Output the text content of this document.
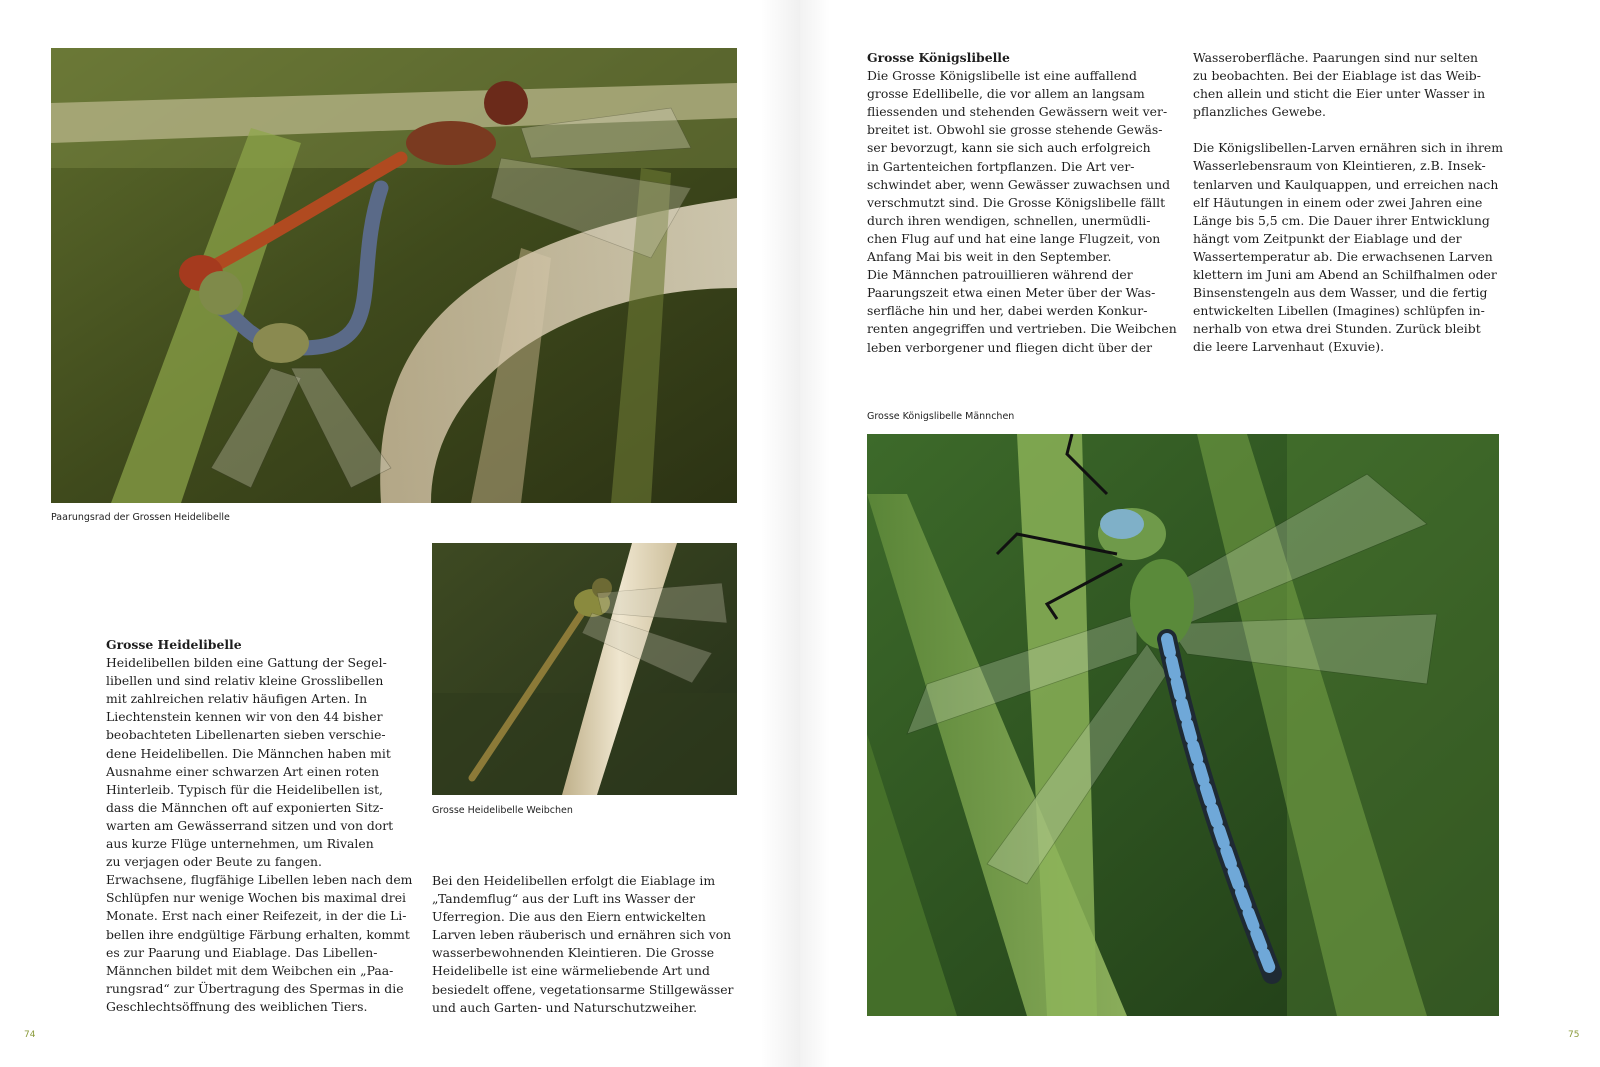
Paarungsrad der Grossen Heidelibelle
Grosse Heidelibelle Weibchen
Grosse Heidelibelle
Heidelibellen bilden eine Gattung der Segel-
libellen und sind relativ kleine Grosslibellen
mit zahlreichen relativ häufigen Arten. In
Liechtenstein kennen wir von den 44 bisher
beobachteten Libellenarten sieben verschie-
dene Heidelibellen. Die Männchen haben mit
Ausnahme einer schwarzen Art einen roten
Hinterleib. Typisch für die Heidelibellen ist,
dass die Männchen oft auf exponierten Sitz-
warten am Gewässerrand sitzen und von dort
aus kurze Flüge unternehmen, um Rivalen
zu verjagen oder Beute zu fangen.
Erwachsene, flugfähige Libellen leben nach dem
Schlüpfen nur wenige Wochen bis maximal drei
Monate. Erst nach einer Reifezeit, in der die Li-
bellen ihre endgültige Färbung erhalten, kommt
es zur Paarung und Eiablage. Das Libellen-
Männchen bildet mit dem Weibchen ein „Paa-
rungsrad“ zur Übertragung des Spermas in die
Geschlechtsöffnung des weiblichen Tiers.
Bei den Heidelibellen erfolgt die Eiablage im
„Tandemflug“ aus der Luft ins Wasser der
Uferregion. Die aus den Eiern entwickelten
Larven leben räuberisch und ernähren sich von
wasserbewohnenden Kleintieren. Die Grosse
Heidelibelle ist eine wärmeliebende Art und
besiedelt offene, vegetationsarme Stillgewässer
und auch Garten- und Naturschutzweiher.
74
Grosse Königslibelle
Die Grosse Königslibelle ist eine auffallend
grosse Edellibelle, die vor allem an langsam
fliessenden und stehenden Gewässern weit ver-
breitet ist. Obwohl sie grosse stehende Gewäs-
ser bevorzugt, kann sie sich auch erfolgreich
in Gartenteichen fortpflanzen. Die Art ver-
schwindet aber, wenn Gewässer zuwachsen und
verschmutzt sind. Die Grosse Königslibelle fällt
durch ihren wendigen, schnellen, unermüdli-
chen Flug auf und hat eine lange Flugzeit, von
Anfang Mai bis weit in den September.
Die Männchen patrouillieren während der
Paarungszeit etwa einen Meter über der Was-
serfläche hin und her, dabei werden Konkur-
renten angegriffen und vertrieben. Die Weibchen
leben verborgener und fliegen dicht über der
Wasseroberfläche. Paarungen sind nur selten
zu beobachten. Bei der Eiablage ist das Weib-
chen allein und sticht die Eier unter Wasser in
pflanzliches Gewebe.
Die Königslibellen-Larven ernähren sich in ihrem
Wasserlebensraum von Kleintieren, z.B. Insek-
tenlarven und Kaulquappen, und erreichen nach
elf Häutungen in einem oder zwei Jahren eine
Länge bis 5,5 cm. Die Dauer ihrer Entwicklung
hängt vom Zeitpunkt der Eiablage und der
Wassertemperatur ab. Die erwachsenen Larven
klettern im Juni am Abend an Schilfhalmen oder
Binsenstengeln aus dem Wasser, und die fertig
entwickelten Libellen (Imagines) schlüpfen in-
nerhalb von etwa drei Stunden. Zurück bleibt
die leere Larvenhaut (Exuvie).
Grosse Königslibelle Männchen
75
